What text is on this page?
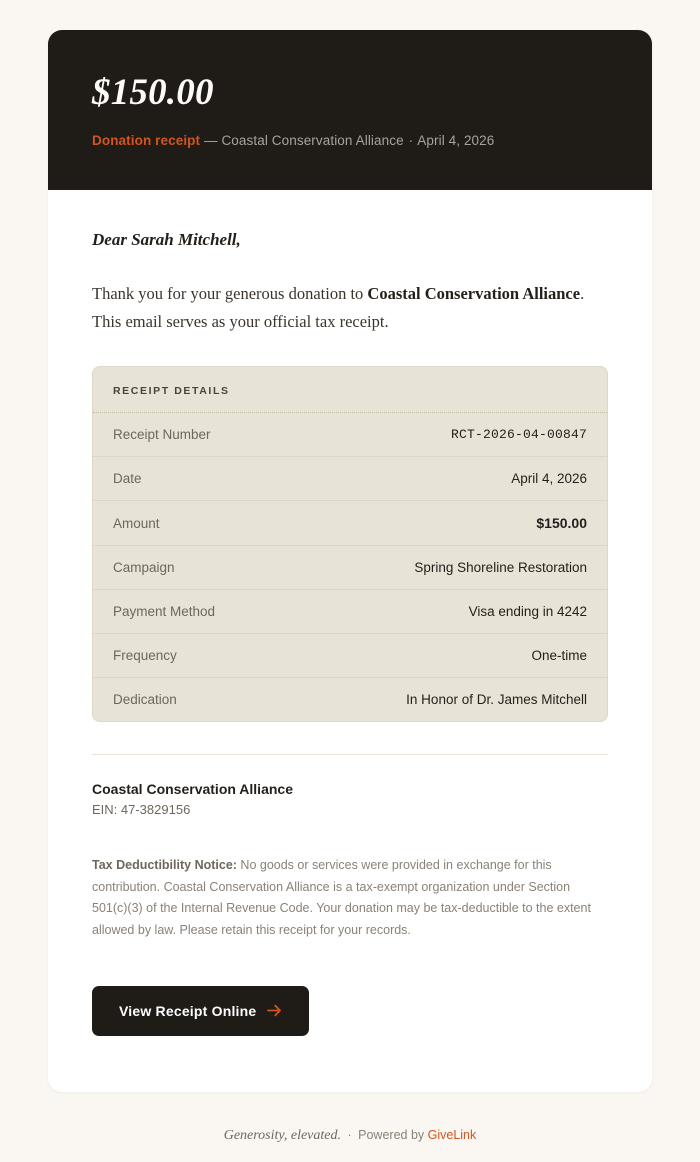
$150.00
Donation receipt — Coastal Conservation Alliance · April 4, 2026

Dear Sarah Mitchell,

Thank you for your generous donation to Coastal Conservation Alliance. This email serves as your official tax receipt.

RECEIPT DETAILS
Receipt Number	RCT-2026-04-00847
Date	April 4, 2026
Amount	$150.00
Campaign	Spring Shoreline Restoration
Payment Method	Visa ending in 4242
Frequency	One-time
Dedication	In Honor of Dr. James Mitchell
Coastal Conservation Alliance
EIN: 47-3829156

Tax Deductibility Notice: No goods or services were provided in exchange for this contribution. Coastal Conservation Alliance is a tax-exempt organization under Section 501(c)(3) of the Internal Revenue Code. Your donation may be tax-deductible to the extent allowed by law. Please retain this receipt for your records.

View Receipt Online
Generosity, elevated. · Powered by GiveLink
